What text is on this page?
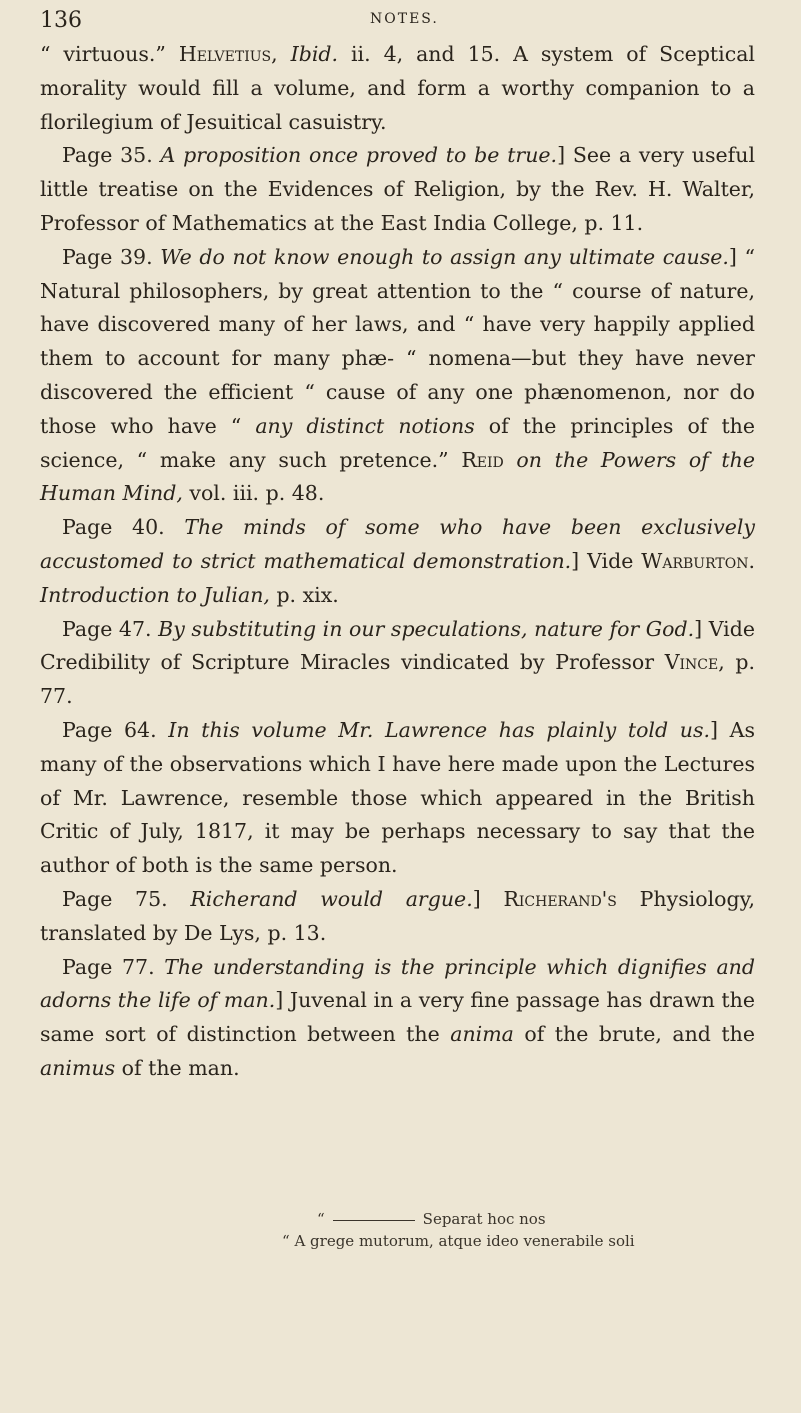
136	NOTES.

“ virtuous.” Helvetius, Ibid. ii. 4, and 15. A system of Sceptical morality would fill a volume, and form a worthy companion to a florilegium of Jesuitical casuistry.

Page 35. A proposition once proved to be true.] See a very useful little treatise on the Evidences of Religion, by the Rev. H. Walter, Professor of Mathematics at the East India College, p. 11.

Page 39. We do not know enough to assign any ultimate cause.] “ Natural philosophers, by great attention to the “ course of nature, have discovered many of her laws, and “ have very happily applied them to account for many phæ- “ nomena—but they have never discovered the efficient “ cause of any one phænomenon, nor do those who have “ any distinct notions of the principles of the science, “ make any such pretence.” Reid on the Powers of the Human Mind, vol. iii. p. 48.

Page 40. The minds of some who have been exclusively accustomed to strict mathematical demonstration.] Vide Warburton. Introduction to Julian, p. xix.

Page 47. By substituting in our speculations, nature for God.] Vide Credibility of Scripture Miracles vindicated by Professor Vince, p. 77.

Page 64. In this volume Mr. Lawrence has plainly told us.] As many of the observations which I have here made upon the Lectures of Mr. Lawrence, resemble those which appeared in the British Critic of July, 1817, it may be perhaps necessary to say that the author of both is the same person.

Page 75. Richerand would argue.] Richerand's Physiology, translated by De Lys, p. 13.

Page 77. The understanding is the principle which dignifies and adorns the life of man.] Juvenal in a very fine passage has drawn the same sort of distinction between the anima of the brute, and the animus of the man.

“	Separat hoc nos

“ A grege mutorum, atque ideo venerabile soli
